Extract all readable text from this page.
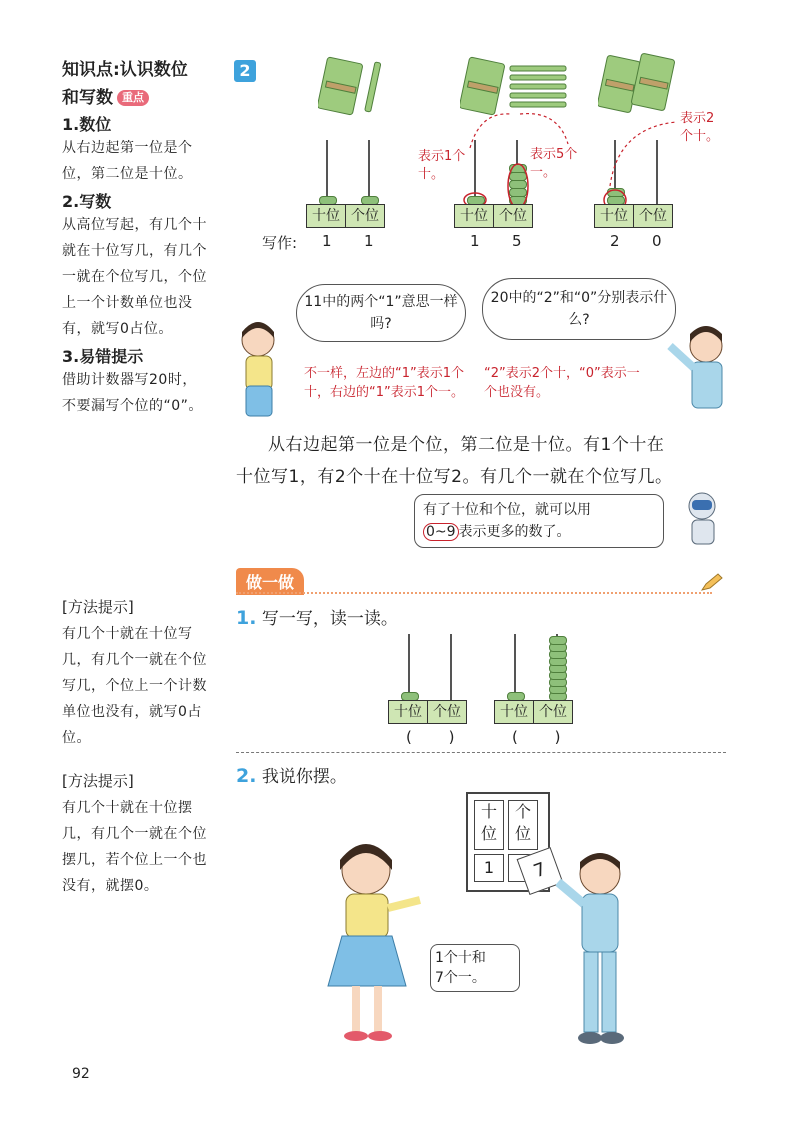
知识点:认识数位
和写数 重点
1.数位
从右边起第一位是个位，第二位是十位。
2.写数
从高位写起，有几个十就在十位写几，有几个一就在个位写几，个位上一个计数单位也没有，就写0占位。
3.易错提示
借助计数器写20时，不要漏写个位的“0”。
[方法提示]
有几个十就在十位写几，有几个一就在个位写几，个位上一个计数单位也没有，就写0占位。
[方法提示]
有几个十就在十位摆几，有几个一就在个位摆几，若个位上一个也没有，就摆0。
2
十位 个位
写作: 1 1
十位 个位
1 5
表示1个十。
表示5个一。
十位 个位
2 0
表示2个十。
11中的两个“1”意思一样吗?
20中的“2”和“0”分别表示什么?
不一样，左边的“1”表示1个十，右边的“1”表示1个一。
“2”表示2个十，“0”表示一个也没有。
从右边起第一位是个位，第二位是十位。有1个十在
十位写1，有2个十在十位写2。有几个一就在个位写几。
有了十位和个位，就可以用
0~9 表示更多的数了。
做一做
1. 写一写，读一读。
十位 个位
( )
十位 个位
( )
2. 我说你摆。
十位
个位
1	7
1个十和
7个一。
92
